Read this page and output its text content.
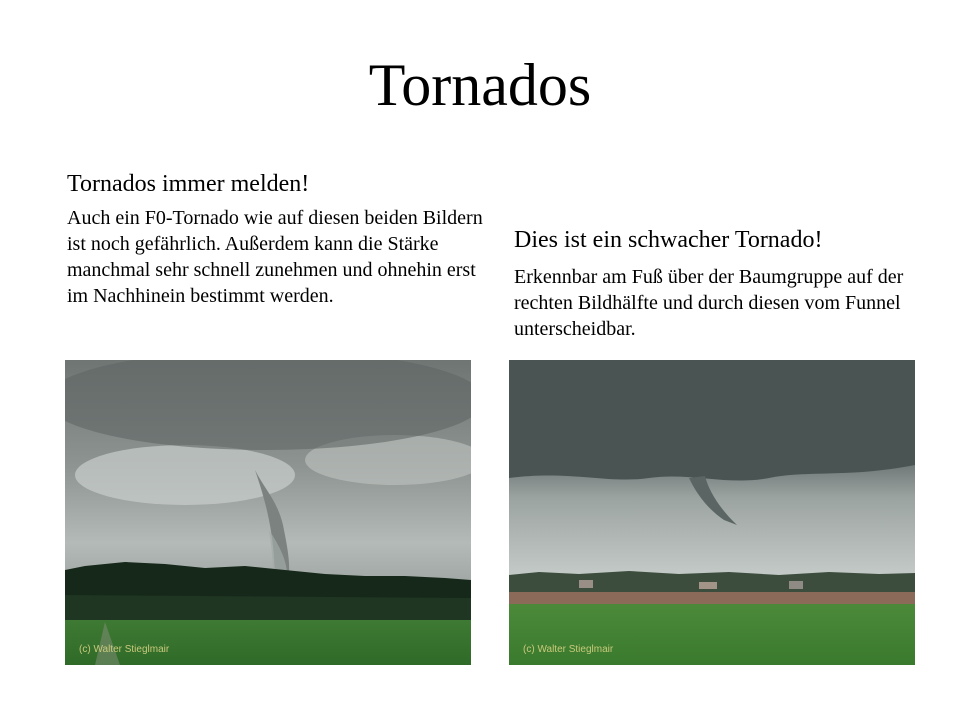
Tornados

Tornados immer melden!

Auch ein F0-Tornado wie auf diesen beiden Bildern ist noch gefährlich. Außerdem kann die Stärke manchmal sehr schnell zunehmen und ohnehin erst im Nachhinein bestimmt werden.

Dies ist ein schwacher Tornado!

Erkennbar am Fuß über der Baumgruppe auf der rechten Bildhälfte und durch diesen vom Funnel unterscheidbar.

(c) Walter Stieglmair	(c) Walter Stieglmair
